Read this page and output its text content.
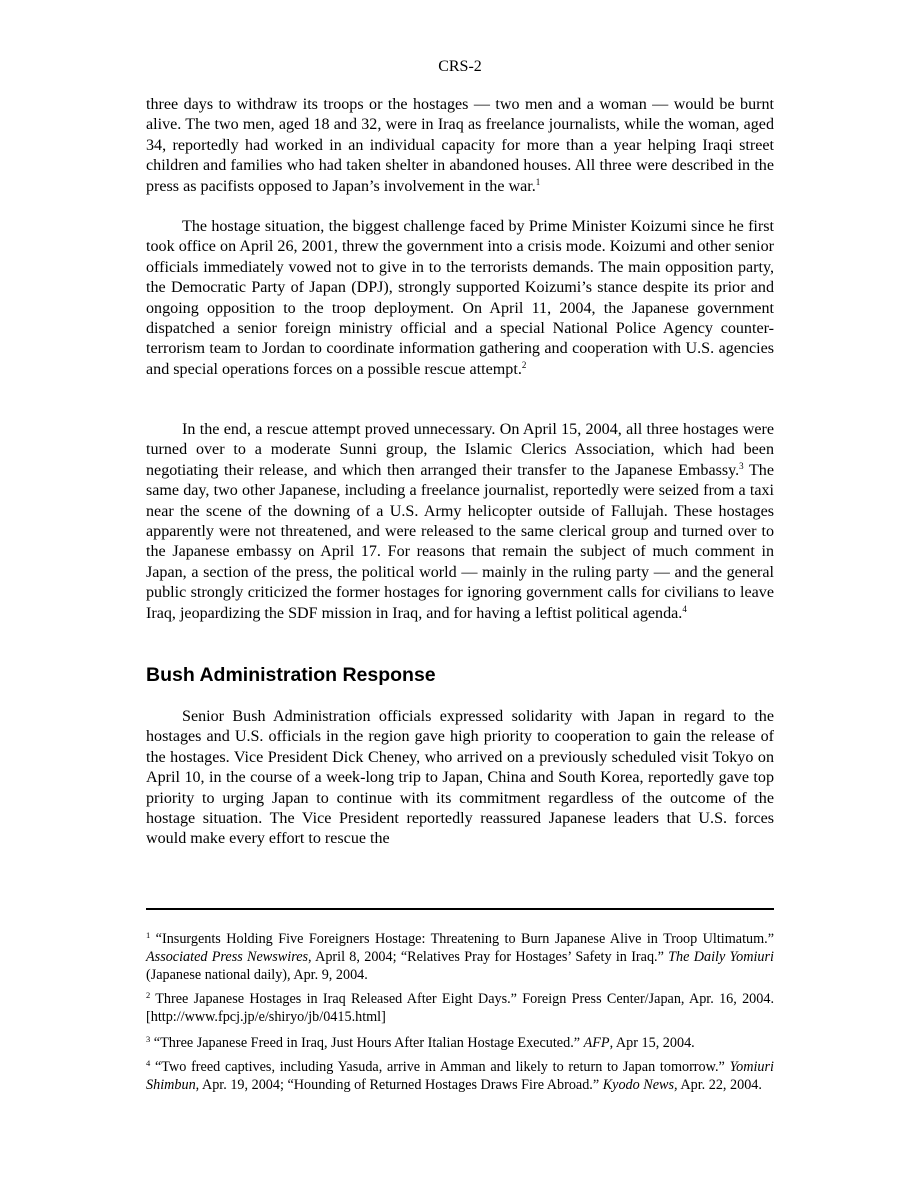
CRS-2

three days to withdraw its troops or the hostages — two men and a woman — would be burnt alive. The two men, aged 18 and 32, were in Iraq as freelance journalists, while the woman, aged 34, reportedly had worked in an individual capacity for more than a year helping Iraqi street children and families who had taken shelter in abandoned houses. All three were described in the press as pacifists opposed to Japan’s involvement in the war.$^1$

The hostage situation, the biggest challenge faced by Prime Minister Koizumi since he first took office on April 26, 2001, threw the government into a crisis mode. Koizumi and other senior officials immediately vowed not to give in to the terrorists demands. The main opposition party, the Democratic Party of Japan (DPJ), strongly supported Koizumi’s stance despite its prior and ongoing opposition to the troop deployment. On April 11, 2004, the Japanese government dispatched a senior foreign ministry official and a special National Police Agency counter-terrorism team to Jordan to coordinate information gathering and cooperation with U.S. agencies and special operations forces on a possible rescue attempt.$^2$

In the end, a rescue attempt proved unnecessary. On April 15, 2004, all three hostages were turned over to a moderate Sunni group, the Islamic Clerics Association, which had been negotiating their release, and which then arranged their transfer to the Japanese Embassy.$^3$ The same day, two other Japanese, including a freelance journalist, reportedly were seized from a taxi near the scene of the downing of a U.S. Army helicopter outside of Fallujah. These hostages apparently were not threatened, and were released to the same clerical group and turned over to the Japanese embassy on April 17. For reasons that remain the subject of much comment in Japan, a section of the press, the political world — mainly in the ruling party — and the general public strongly criticized the former hostages for ignoring government calls for civilians to leave Iraq, jeopardizing the SDF mission in Iraq, and for having a leftist political agenda.$^4$

Bush Administration Response

Senior Bush Administration officials expressed solidarity with Japan in regard to the hostages and U.S. officials in the region gave high priority to cooperation to gain the release of the hostages. Vice President Dick Cheney, who arrived on a previously scheduled visit Tokyo on April 10, in the course of a week-long trip to Japan, China and South Korea, reportedly gave top priority to urging Japan to continue with its commitment regardless of the outcome of the hostage situation. The Vice President reportedly reassured Japanese leaders that U.S. forces would make every effort to rescue the

$^1$ “Insurgents Holding Five Foreigners Hostage: Threatening to Burn Japanese Alive in Troop Ultimatum.” Associated Press Newswires, April 8, 2004; “Relatives Pray for Hostages’ Safety in Iraq.” The Daily Yomiuri (Japanese national daily), Apr. 9, 2004.

$^2$ Three Japanese Hostages in Iraq Released After Eight Days.” Foreign Press Center/Japan, Apr. 16, 2004. [http://www.fpcj.jp/e/shiryo/jb/0415.html]

$^3$ “Three Japanese Freed in Iraq, Just Hours After Italian Hostage Executed.” AFP, Apr 15, 2004.

$^4$ “Two freed captives, including Yasuda, arrive in Amman and likely to return to Japan tomorrow.” Yomiuri Shimbun, Apr. 19, 2004; “Hounding of Returned Hostages Draws Fire Abroad.” Kyodo News, Apr. 22, 2004.
